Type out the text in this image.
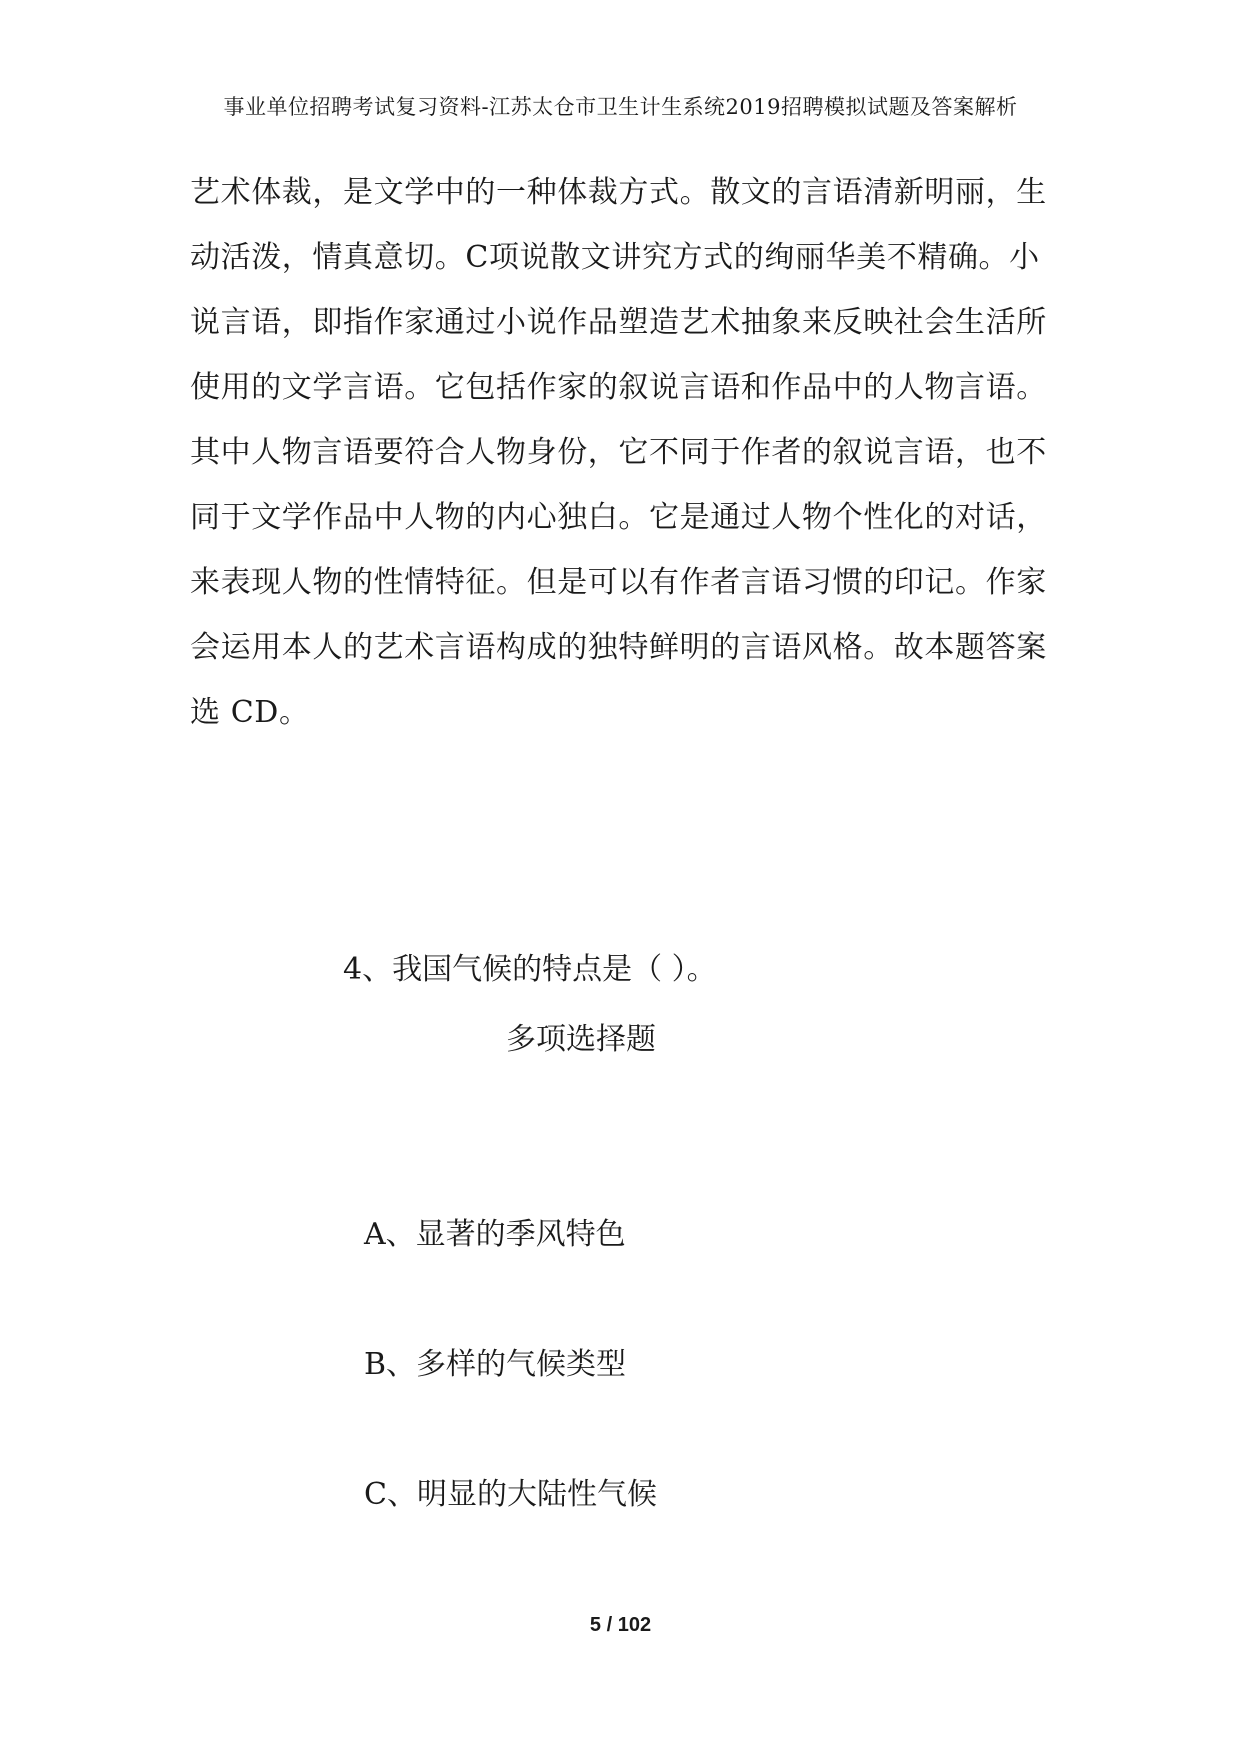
事业单位招聘考试复习资料-江苏太仓市卫生计生系统2019招聘模拟试题及答案解析
艺术体裁，是文学中的一种体裁方式。散文的言语清新明丽，生
动活泼，情真意切。C项说散文讲究方式的绚丽华美不精确。小
说言语，即指作家通过小说作品塑造艺术抽象来反映社会生活所
使用的文学言语。它包括作家的叙说言语和作品中的人物言语。
其中人物言语要符合人物身份，它不同于作者的叙说言语，也不
同于文学作品中人物的内心独白。它是通过人物个性化的对话，
来表现人物的性情特征。但是可以有作者言语习惯的印记。作家
会运用本人的艺术言语构成的独特鲜明的言语风格。故本题答案
选 CD。
4、我国气候的特点是（ ）。
多项选择题
A、显著的季风特色
B、多样的气候类型
C、明显的大陆性气候
5 / 102
